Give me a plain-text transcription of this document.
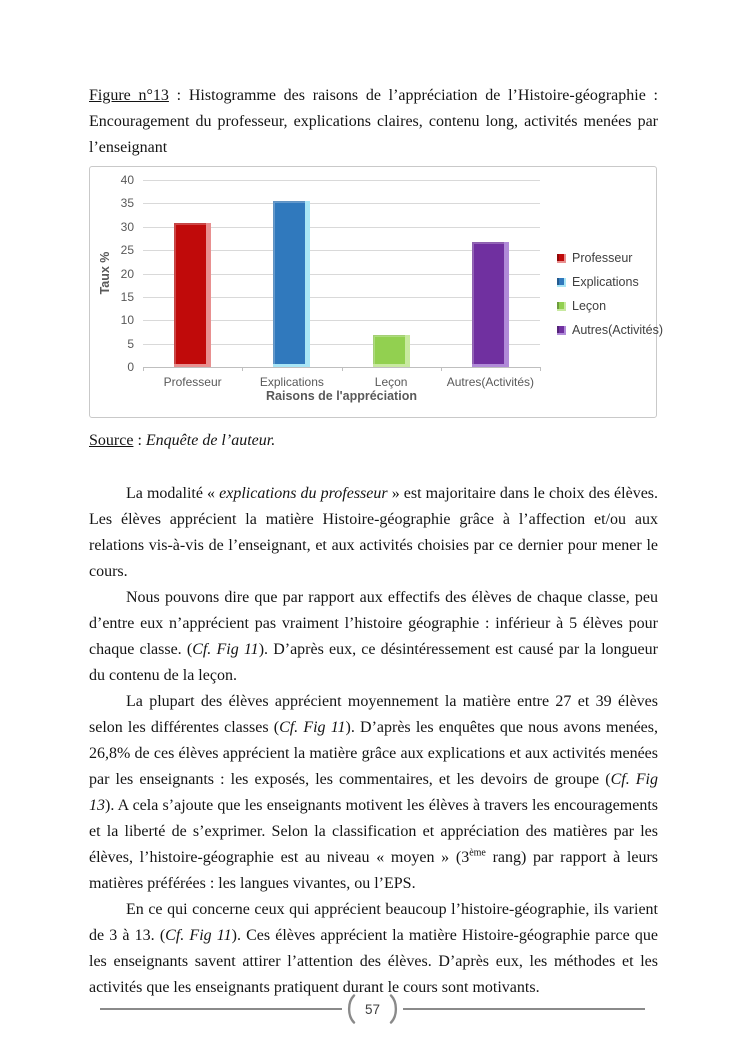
Figure n°13 : Histogramme des raisons de l’appréciation de l’Histoire-géographie : Encouragement du professeur, explications claires, contenu long, activités menées par l’enseignant

Taux %
Raisons de l'appréciation
0
5
10
15
20
25
30
35
40
Professeur	Explications	Leçon	Autres(Activités)
Professeur
Explications
Leçon
Autres(Activités)

Source : Enquête de l’auteur.

La modalité « explications du professeur » est majoritaire dans le choix des élèves. Les élèves apprécient la matière Histoire-géographie grâce à l’affection et/ou aux relations vis-à-vis de l’enseignant, et aux activités choisies par ce dernier pour mener le cours.

Nous pouvons dire que par rapport aux effectifs des élèves de chaque classe, peu d’entre eux n’apprécient pas vraiment l’histoire géographie : inférieur à 5 élèves pour chaque classe. (Cf. Fig 11). D’après eux, ce désintéressement est causé par la longueur du contenu de la leçon.

La plupart des élèves apprécient moyennement la matière entre 27 et 39 élèves selon les différentes classes (Cf. Fig 11). D’après les enquêtes que nous avons menées, 26,8% de ces élèves apprécient la matière grâce aux explications et aux activités menées par les enseignants : les exposés, les commentaires, et les devoirs de groupe (Cf. Fig 13). A cela s’ajoute que les enseignants motivent les élèves à travers les encouragements et la liberté de s’exprimer. Selon la classification et appréciation des matières par les élèves, l’histoire-géographie est au niveau « moyen » (3ème rang) par rapport à leurs matières préférées : les langues vivantes, ou l’EPS.

En ce qui concerne ceux qui apprécient beaucoup l’histoire-géographie, ils varient de 3 à 13. (Cf. Fig 11). Ces élèves apprécient la matière Histoire-géographie parce que les enseignants savent attirer l’attention des élèves. D’après eux, les méthodes et les activités que les enseignants pratiquent durant le cours sont motivants.

57
